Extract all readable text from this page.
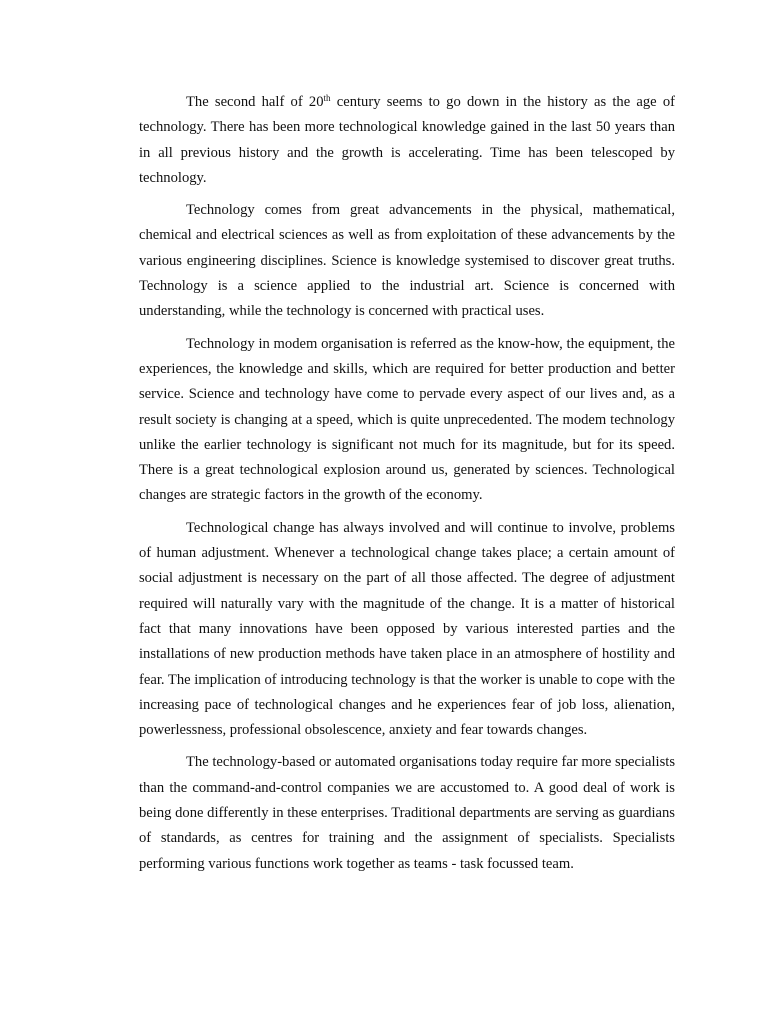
The second half of 20th century seems to go down in the history as the age of technology. There has been more technological knowledge gained in the last 50 years than in all previous history and the growth is accelerating. Time has been telescoped by technology.

Technology comes from great advancements in the physical, mathematical, chemical and electrical sciences as well as from exploitation of these advancements by the various engineering disciplines. Science is knowledge systemised to discover great truths. Technology is a science applied to the industrial art. Science is concerned with understanding, while the technology is concerned with practical uses.

Technology in modem organisation is referred as the know-how, the equipment, the experiences, the knowledge and skills, which are required for better production and better service. Science and technology have come to pervade every aspect of our lives and, as a result society is changing at a speed, which is quite unprecedented. The modem technology unlike the earlier technology is significant not much for its magnitude, but for its speed. There is a great technological explosion around us, generated by sciences. Technological changes are strategic factors in the growth of the economy.

Technological change has always involved and will continue to involve, problems of human adjustment. Whenever a technological change takes place; a certain amount of social adjustment is necessary on the part of all those affected. The degree of adjustment required will naturally vary with the magnitude of the change. It is a matter of historical fact that many innovations have been opposed by various interested parties and the installations of new production methods have taken place in an atmosphere of hostility and fear. The implication of introducing technology is that the worker is unable to cope with the increasing pace of technological changes and he experiences fear of job loss, alienation, powerlessness, professional obsolescence, anxiety and fear towards changes.

The technology-based or automated organisations today require far more specialists than the command-and-control companies we are accustomed to. A good deal of work is being done differently in these enterprises. Traditional departments are serving as guardians of standards, as centres for training and the assignment of specialists. Specialists performing various functions work together as teams - task focussed team.
